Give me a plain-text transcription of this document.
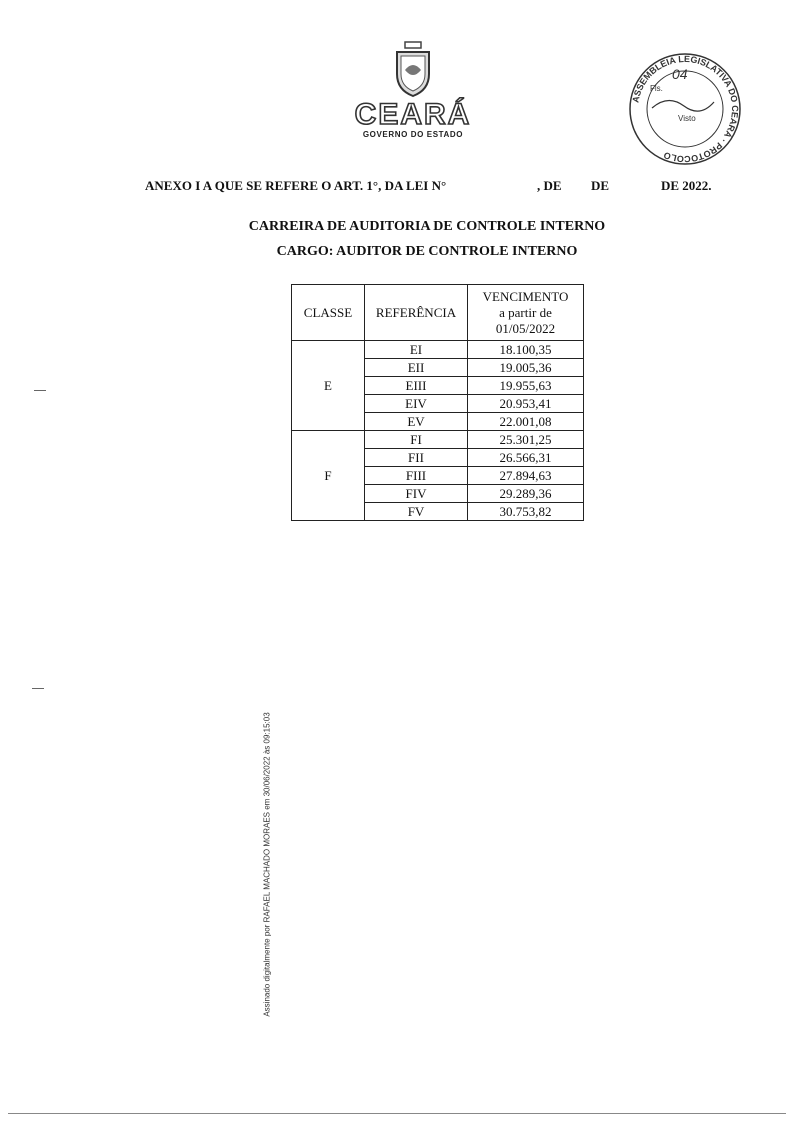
CEARÁ
GOVERNO DO ESTADO
ASSEMBLEIA LEGISLATIVA DO CEARÁ · PROTOCOLO
04
Fls.
Visto
ANEXO I A QUE SE REFERE O ART. 1°, DA LEI N°	, DE DE	DE 2022.
CARREIRA DE AUDITORIA DE CONTROLE INTERNO
CARGO: AUDITOR DE CONTROLE INTERNO
CLASSE	REFERÊNCIA	VENCIMENTO
a partir de
01/05/2022

E	EI	18.100,35
	EII	19.005,36
	EIII	19.955,63
	EIV	20.953,41
	EV	22.001,08
F	FI	25.301,25
	FII	26.566,31
	FIII	27.894,63
	FIV	29.289,36
	FV	30.753,82
Assinado digitalmente por RAFAEL MACHADO MORAES em 30/06/2022 às 09:15:03
